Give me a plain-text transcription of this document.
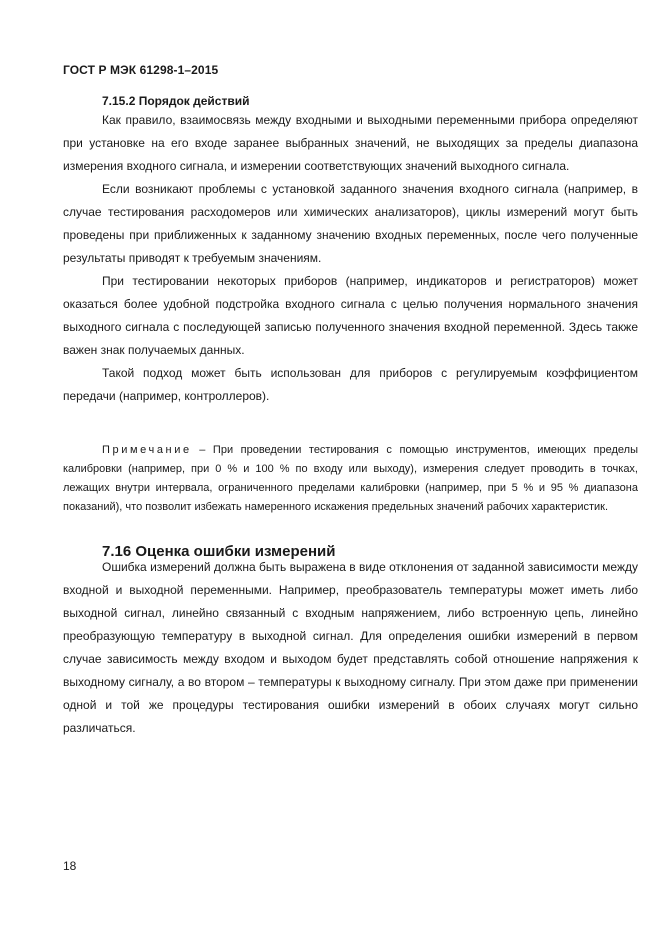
ГОСТ Р МЭК 61298-1–2015
7.15.2 Порядок действий

Как правило, взаимосвязь между входными и выходными переменными прибора определяют при установке на его входе заранее выбранных значений, не выходящих за пределы диапазона измерения входного сигнала, и измерении соответствующих значений выходного сигнала.

Если возникают проблемы с установкой заданного значения входного сигнала (например, в случае тестирования расходомеров или химических анализаторов), циклы измерений могут быть проведены при приближенных к заданному значению входных переменных, после чего полученные результаты приводят к требуемым значениям.

При тестировании некоторых приборов (например, индикаторов и регистраторов) может оказаться более удобной подстройка входного сигнала с целью получения нормального значения выходного сигнала с последующей записью полученного значения входной переменной. Здесь также важен знак получаемых данных.

Такой подход может быть использован для приборов с регулируемым коэффициентом передачи (например, контроллеров).

Примечание – При проведении тестирования с помощью инструментов, имеющих пределы калибровки (например, при 0 % и 100 % по входу или выходу), измерения следует проводить в точках, лежащих внутри интервала, ограниченного пределами калибровки (например, при 5 % и 95 % диапазона показаний), что позволит избежать намеренного искажения предельных значений рабочих характеристик.

7.16 Оценка ошибки измерений

Ошибка измерений должна быть выражена в виде отклонения от заданной зависимости между входной и выходной переменными. Например, преобразователь температуры может иметь либо выходной сигнал, линейно связанный с входным напряжением, либо встроенную цепь, линейно преобразующую температуру в выходной сигнал. Для определения ошибки измерений в первом случае зависимость между входом и выходом будет представлять собой отношение напряжения к выходному сигналу, а во втором – температуры к выходному сигналу. При этом даже при применении одной и той же процедуры тестирования ошибки измерений в обоих случаях могут сильно различаться.

18
